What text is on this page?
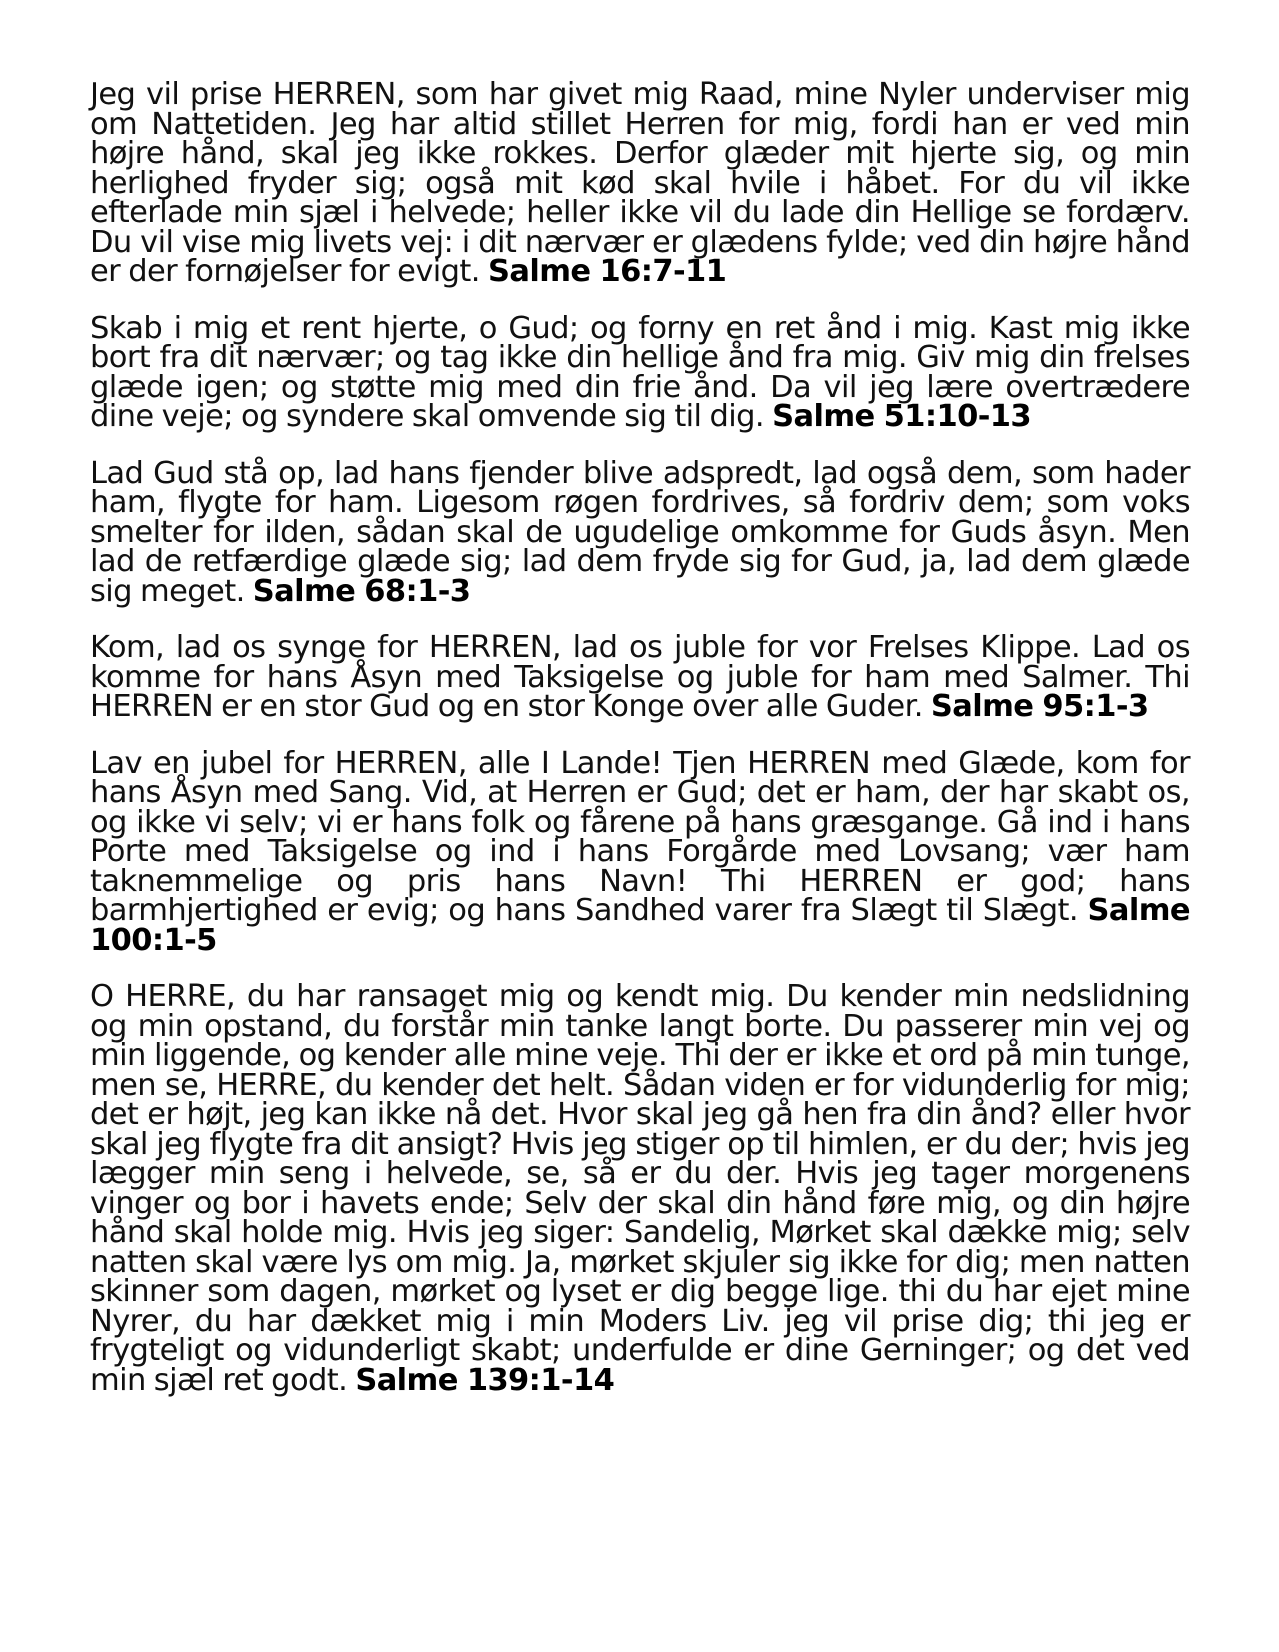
Jeg vil prise HERREN, som har givet mig Raad, mine Nyler underviser mig om Nattetiden. Jeg har altid stillet Herren for mig, fordi han er ved min højre hånd, skal jeg ikke rokkes. Derfor glæder mit hjerte sig, og min herlighed fryder sig; også mit kød skal hvile i håbet. For du vil ikke efterlade min sjæl i helvede; heller ikke vil du lade din Hellige se fordærv. Du vil vise mig livets vej: i dit nærvær er glædens fylde; ved din højre hånd er der fornøjelser for evigt. Salme 16:7-11

Skab i mig et rent hjerte, o Gud; og forny en ret ånd i mig. Kast mig ikke bort fra dit nærvær; og tag ikke din hellige ånd fra mig. Giv mig din frelses glæde igen; og støtte mig med din frie ånd. Da vil jeg lære overtrædere dine veje; og syndere skal omvende sig til dig. Salme 51:10-13

Lad Gud stå op, lad hans fjender blive adspredt, lad også dem, som hader ham, flygte for ham. Ligesom røgen fordrives, så fordriv dem; som voks smelter for ilden, sådan skal de ugudelige omkomme for Guds åsyn. Men lad de retfærdige glæde sig; lad dem fryde sig for Gud, ja, lad dem glæde sig meget. Salme 68:1-3

Kom, lad os synge for HERREN, lad os juble for vor Frelses Klippe. Lad os komme for hans Åsyn med Taksigelse og juble for ham med Salmer. Thi HERREN er en stor Gud og en stor Konge over alle Guder. Salme 95:1-3

Lav en jubel for HERREN, alle I Lande! Tjen HERREN med Glæde, kom for hans Åsyn med Sang. Vid, at Herren er Gud; det er ham, der har skabt os, og ikke vi selv; vi er hans folk og fårene på hans græsgange. Gå ind i hans Porte med Taksigelse og ind i hans Forgårde med Lovsang; vær ham taknemmelige og pris hans Navn! Thi HERREN er god; hans barmhjertighed er evig; og hans Sandhed varer fra Slægt til Slægt. Salme 100:1-5

O HERRE, du har ransaget mig og kendt mig. Du kender min nedslidning og min opstand, du forstår min tanke langt borte. Du passerer min vej og min liggende, og kender alle mine veje. Thi der er ikke et ord på min tunge, men se, HERRE, du kender det helt. Sådan viden er for vidunderlig for mig; det er højt, jeg kan ikke nå det. Hvor skal jeg gå hen fra din ånd? eller hvor skal jeg flygte fra dit ansigt? Hvis jeg stiger op til himlen, er du der; hvis jeg lægger min seng i helvede, se, så er du der. Hvis jeg tager morgenens vinger og bor i havets ende; Selv der skal din hånd føre mig, og din højre hånd skal holde mig. Hvis jeg siger: Sandelig, Mørket skal dække mig; selv natten skal være lys om mig. Ja, mørket skjuler sig ikke for dig; men natten skinner som dagen, mørket og lyset er dig begge lige. thi du har ejet mine Nyrer, du har dækket mig i min Moders Liv. jeg vil prise dig; thi jeg er frygteligt og vidunderligt skabt; underfulde er dine Gerninger; og det ved min sjæl ret godt. Salme 139:1-14
